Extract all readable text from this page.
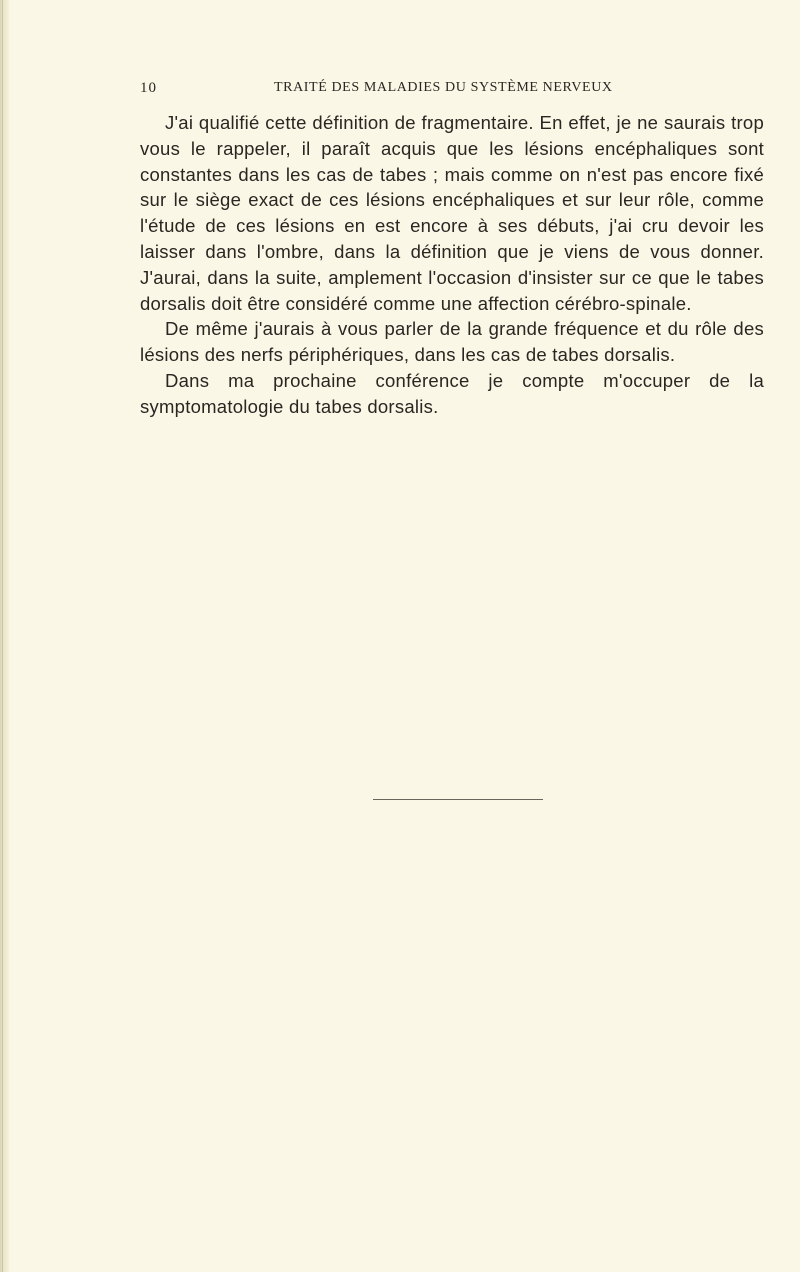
10	TRAITÉ DES MALADIES DU SYSTÈME NERVEUX

J'ai qualifié cette définition de fragmentaire. En effet, je ne saurais trop vous le rappeler, il paraît acquis que les lésions encéphaliques sont constantes dans les cas de tabes ; mais comme on n'est pas encore fixé sur le siège exact de ces lésions encéphaliques et sur leur rôle, comme l'étude de ces lésions en est encore à ses débuts, j'ai cru devoir les laisser dans l'ombre, dans la définition que je viens de vous donner. J'aurai, dans la suite, amplement l'occasion d'insister sur ce que le tabes dorsalis doit être considéré comme une affection cérébro-spinale.

De même j'aurais à vous parler de la grande fréquence et du rôle des lésions des nerfs périphériques, dans les cas de tabes dorsalis.

Dans ma prochaine conférence je compte m'occuper de la symptomatologie du tabes dorsalis.
